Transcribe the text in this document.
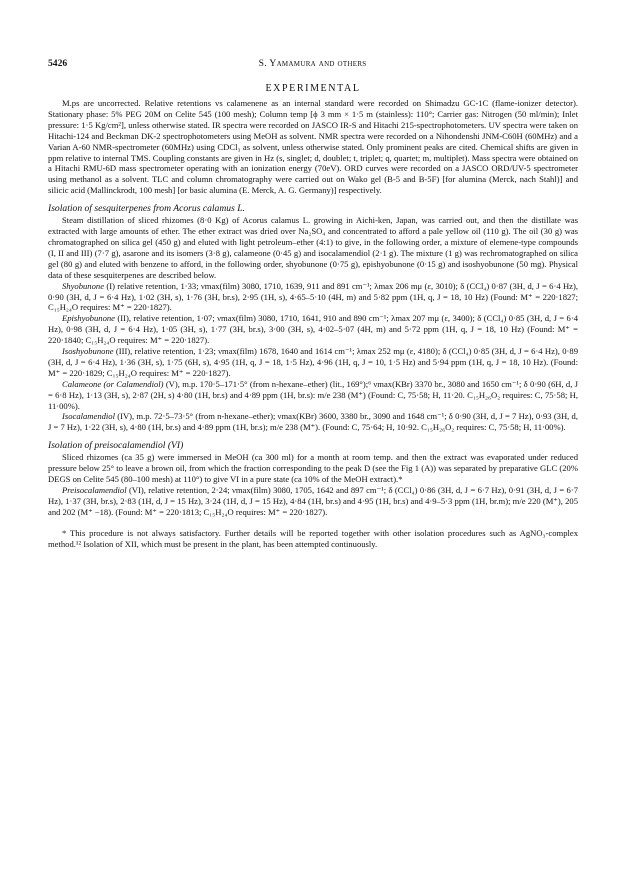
5426	S. Yamamura and others
EXPERIMENTAL

M.ps are uncorrected. Relative retentions vs calamenene as an internal standard were recorded on Shimadzu GC-1C (flame-ionizer detector). Stationary phase: 5% PEG 20M on Celite 545 (100 mesh); Column temp [ϕ 3 mm × 1·5 m (stainless): 110°; Carrier gas: Nitrogen (50 ml/min); Inlet pressure: 1·5 Kg/cm²], unless otherwise stated. IR spectra were recorded on JASCO IR-S and Hitachi 215-spectrophotometers. UV spectra were taken on Hitachi-124 and Beckman DK-2 spectrophotometers using MeOH as solvent. NMR spectra were recorded on a Nihondenshi JNM-C60H (60MHz) and a Varian A-60 NMR-spectrometer (60MHz) using CDCl₃ as solvent, unless otherwise stated. Only prominent peaks are cited. Chemical shifts are given in ppm relative to internal TMS. Coupling constants are given in Hz (s, singlet; d, doublet; t, triplet; q, quartet; m, multiplet). Mass spectra were obtained on a Hitachi RMU-6D mass spectrometer operating with an ionization energy (70eV). ORD curves were recorded on a JASCO ORD/UV-5 spectrometer using methanol as a solvent. TLC and column chromatography were carried out on Wako gel (B-5 and B-5F) [for alumina (Merck, nach Stahl)] and silicic acid (Mallinckrodt, 100 mesh] [or basic alumina (E. Merck, A. G. Germany)] respectively.

Isolation of sesquiterpenes from Acorus calamus L.

Steam distillation of sliced rhizomes (8·0 Kg) of Acorus calamus L. growing in Aichi-ken, Japan, was carried out, and then the distillate was extracted with large amounts of ether. The ether extract was dried over Na₂SO₄ and concentrated to afford a pale yellow oil (110 g). The oil (30 g) was chromatographed on silica gel (450 g) and eluted with light petroleum–ether (4:1) to give, in the following order, a mixture of elemene-type compounds (I, II and III) (7·7 g), asarone and its isomers (3·8 g), calameone (0·45 g) and isocalamendiol (2·1 g). The mixture (1 g) was rechromatographed on silica gel (80 g) and eluted with benzene to afford, in the following order, shyobunone (0·75 g), epishyobunone (0·15 g) and isoshyobunone (50 mg). Physical data of these sesquiterpenes are described below.

Shyobunone (I) relative retention, 1·33; νmax(film) 3080, 1710, 1639, 911 and 891 cm⁻¹; λmax 206 mμ (ε, 3010); δ (CCl₄) 0·87 (3H, d, J = 6·4 Hz), 0·90 (3H, d, J = 6·4 Hz), 1·02 (3H, s), 1·76 (3H, br.s), 2·95 (1H, s), 4·65–5·10 (4H, m) and 5·82 ppm (1H, q, J = 18, 10 Hz) (Found: M⁺ = 220·1827; C₁₅H₂₄O requires: M⁺ = 220·1827).

Epishyobunone (II), relative retention, 1·07; νmax(film) 3080, 1710, 1641, 910 and 890 cm⁻¹; λmax 207 mμ (ε, 3400); δ (CCl₄) 0·85 (3H, d, J = 6·4 Hz), 0·98 (3H, d, J = 6·4 Hz), 1·05 (3H, s), 1·77 (3H, br.s), 3·00 (3H, s), 4·02–5·07 (4H, m) and 5·72 ppm (1H, q, J = 18, 10 Hz) (Found: M⁺ = 220·1840; C₁₅H₂₄O requires: M⁺ = 220·1827).

Isoshyobunone (III), relative retention, 1·23; νmax(film) 1678, 1640 and 1614 cm⁻¹; λmax 252 mμ (ε, 4180); δ (CCl₄) 0·85 (3H, d, J = 6·4 Hz), 0·89 (3H, d, J = 6·4 Hz), 1·36 (3H, s), 1·75 (6H, s), 4·95 (1H, q, J = 18, 1·5 Hz), 4·96 (1H, q, J = 10, 1·5 Hz) and 5·94 ppm (1H, q, J = 18, 10 Hz). (Found: M⁺ = 220·1829; C₁₅H₂₄O requires: M⁺ = 220·1827).

Calameone (or Calamendiol) (V), m.p. 170·5–171·5° (from n-hexane–ether) (lit., 169°);⁶ νmax(KBr) 3370 br., 3080 and 1650 cm⁻¹; δ 0·90 (6H, d, J = 6·8 Hz), 1·13 (3H, s), 2·87 (2H, s) 4·80 (1H, br.s) and 4·89 ppm (1H, br.s): m/e 238 (M⁺) (Found: C, 75·58; H, 11·20. C₁₅H₂₆O₂ requires: C, 75·58; H, 11·00%).

Isocalamendiol (IV), m.p. 72·5–73·5° (from n-hexane–ether); νmax(KBr) 3600, 3380 br., 3090 and 1648 cm⁻¹; δ 0·90 (3H, d, J = 7 Hz), 0·93 (3H, d, J = 7 Hz), 1·22 (3H, s), 4·80 (1H, br.s) and 4·89 ppm (1H, br.s); m/e 238 (M⁺). (Found: C, 75·64; H, 10·92. C₁₅H₂₆O₂ requires: C, 75·58; H, 11·00%).

Isolation of preisocalamendiol (VI)

Sliced rhizomes (ca 35 g) were immersed in MeOH (ca 300 ml) for a month at room temp. and then the extract was evaporated under reduced pressure below 25° to leave a brown oil, from which the fraction corresponding to the peak D (see the Fig 1 (A)) was separated by preparative GLC (20% DEGS on Celite 545 (80–100 mesh) at 110°) to give VI in a pure state (ca 10% of the MeOH extract).*

Preisocalamendiol (VI), relative retention, 2·24; νmax(film) 3080, 1705, 1642 and 897 cm⁻¹; δ (CCl₄) 0·86 (3H, d, J = 6·7 Hz), 0·91 (3H, d, J = 6·7 Hz), 1·37 (3H, br.s), 2·83 (1H, d, J = 15 Hz), 3·24 (1H, d, J = 15 Hz), 4·84 (1H, br.s) and 4·95 (1H, br.s) and 4·9–5·3 ppm (1H, br.m); m/e 220 (M⁺), 205 and 202 (M⁺ −18). (Found: M⁺ = 220·1813; C₁₅H₂₄O requires: M⁺ = 220·1827).

* This procedure is not always satisfactory. Further details will be reported together with other isolation procedures such as AgNO₃-complex method.¹² Isolation of XII, which must be present in the plant, has been attempted continuously.
